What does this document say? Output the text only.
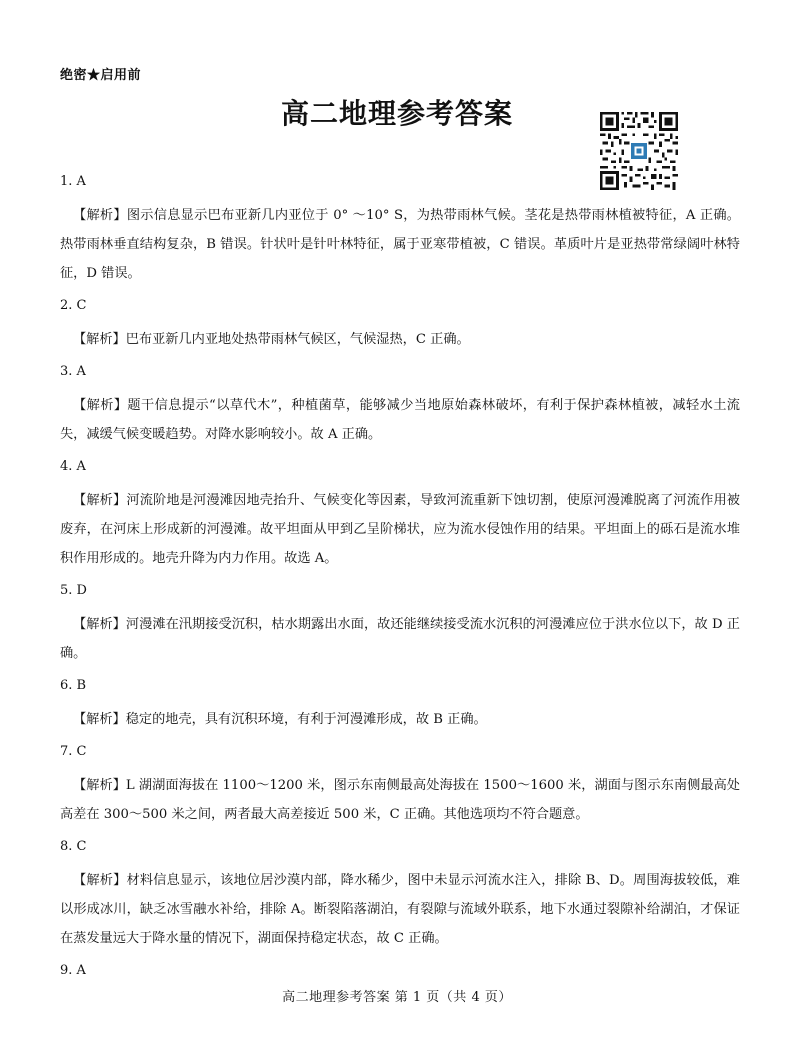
绝密★启用前
高二地理参考答案
1. A
【解析】图示信息显示巴布亚新几内亚位于 0° ～10° S，为热带雨林气候。茎花是热带雨林植被特征，A 正确。热带雨林垂直结构复杂，B 错误。针状叶是针叶林特征，属于亚寒带植被，C 错误。革质叶片是亚热带常绿阔叶林特征，D 错误。
2. C
【解析】巴布亚新几内亚地处热带雨林气候区，气候湿热，C 正确。
3. A
【解析】题干信息提示“以草代木”，种植菌草，能够减少当地原始森林破坏，有利于保护森林植被，减轻水土流失，减缓气候变暖趋势。对降水影响较小。故 A 正确。
4. A
【解析】河流阶地是河漫滩因地壳抬升、气候变化等因素，导致河流重新下蚀切割，使原河漫滩脱离了河流作用被废弃，在河床上形成新的河漫滩。故平坦面从甲到乙呈阶梯状，应为流水侵蚀作用的结果。平坦面上的砾石是流水堆积作用形成的。地壳升降为内力作用。故选 A。
5. D
【解析】河漫滩在汛期接受沉积，枯水期露出水面，故还能继续接受流水沉积的河漫滩应位于洪水位以下，故 D 正确。
6. B
【解析】稳定的地壳，具有沉积环境，有利于河漫滩形成，故 B 正确。
7. C
【解析】L 湖湖面海拔在 1100～1200 米，图示东南侧最高处海拔在 1500～1600 米，湖面与图示东南侧最高处高差在 300～500 米之间，两者最大高差接近 500 米，C 正确。其他选项均不符合题意。
8. C
【解析】材料信息显示，该地位居沙漠内部，降水稀少，图中未显示河流水注入，排除 B、D。周围海拔较低，难以形成冰川，缺乏冰雪融水补给，排除 A。断裂陷落湖泊，有裂隙与流域外联系，地下水通过裂隙补给湖泊，才保证在蒸发量远大于降水量的情况下，湖面保持稳定状态，故 C 正确。
9. A
高二地理参考答案 第 1 页（共 4 页）
